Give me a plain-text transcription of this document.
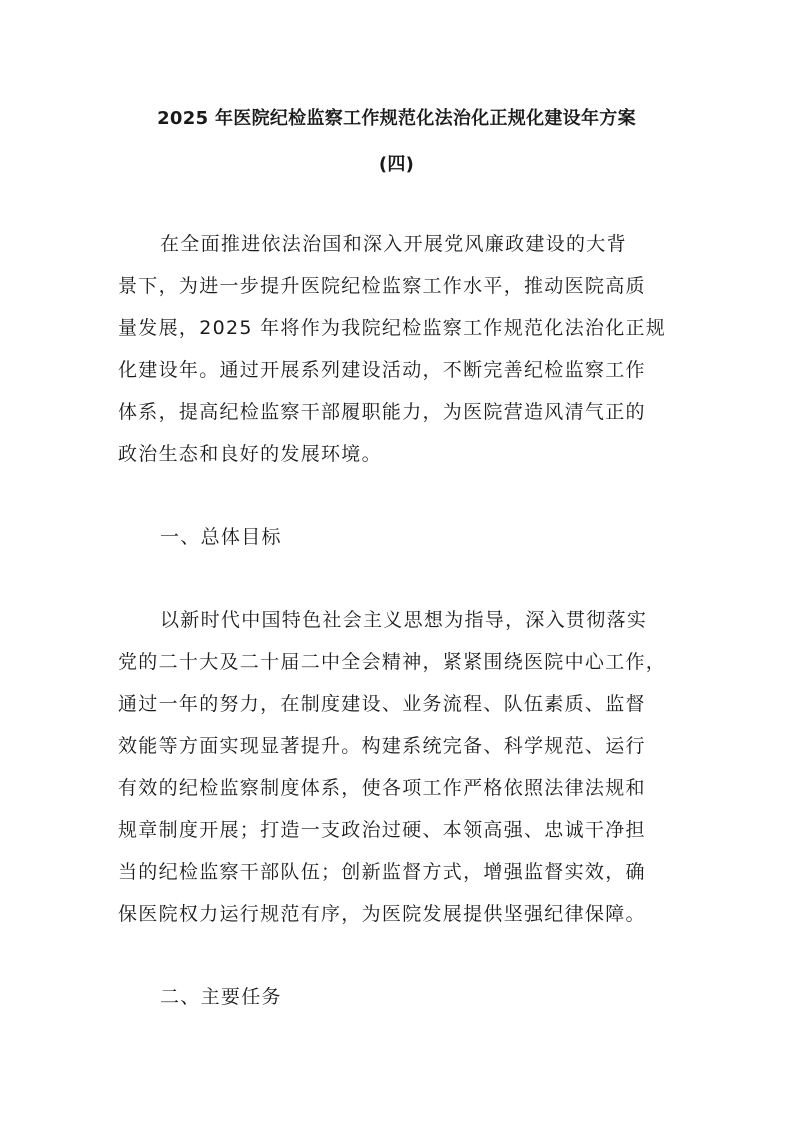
2025 年医院纪检监察工作规范化法治化正规化建设年方案
(四)
在全面推进依法治国和深入开展党风廉政建设的大背
景下，为进一步提升医院纪检监察工作水平，推动医院高质
量发展，2025 年将作为我院纪检监察工作规范化法治化正规
化建设年。通过开展系列建设活动，不断完善纪检监察工作
体系，提高纪检监察干部履职能力，为医院营造风清气正的
政治生态和良好的发展环境。
一、总体目标
以新时代中国特色社会主义思想为指导，深入贯彻落实
党的二十大及二十届二中全会精神，紧紧围绕医院中心工作，
通过一年的努力，在制度建设、业务流程、队伍素质、监督
效能等方面实现显著提升。构建系统完备、科学规范、运行
有效的纪检监察制度体系，使各项工作严格依照法律法规和
规章制度开展；打造一支政治过硬、本领高强、忠诚干净担
当的纪检监察干部队伍；创新监督方式，增强监督实效，确
保医院权力运行规范有序，为医院发展提供坚强纪律保障。
二、主要任务
